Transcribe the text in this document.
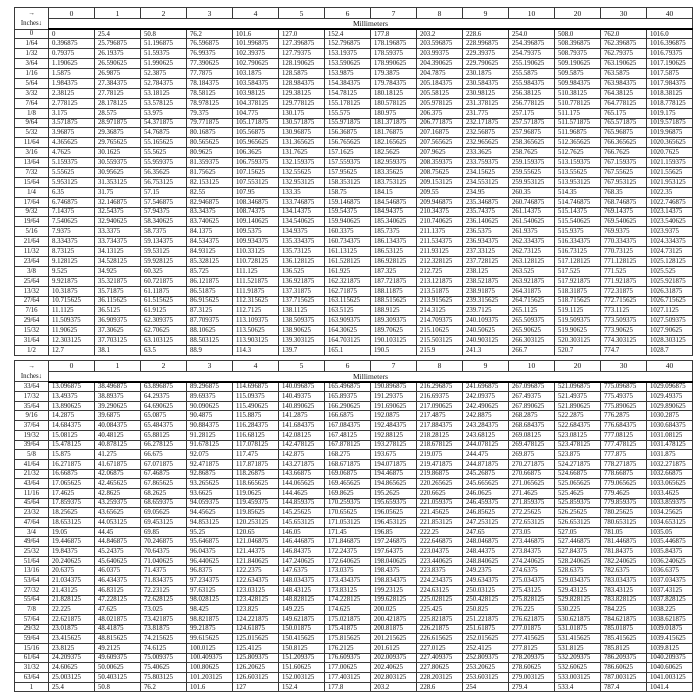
→
Inches↓	0	1	2	3	4	5	6	7	8	9	10	20	30	40
	Millimeters													
0	0	25.4	50.8	76.2	101.6	127.0	152.4	177.8	203.2	228.6	254.0	508.0	762.0	1016.0
1/64	0.396875	25.796875	51.196875	76.596875	101.996875	127.396875	152.796875	178.196875	203.596875	228.996875	254.396875	508.396875	762.396875	1016.396875
1/32	0.79375	26.19375	51.59375	76.99375	102.39375	127.79375	153.19375	178.59375	203.99375	229.39375	254.79375	508.79375	762.79375	1016.79375
3/64	1.190625	26.590625	51.990625	77.390625	102.790625	128.190625	153.590625	178.990625	204.390625	229.790625	255.190625	509.190625	763.190625	1017.190625
1/16	1.5875	26.9875	52.3875	77.7875	103.1875	128.5875	153.9875	179.3875	204.7875	230.1875	255.5875	509.5875	763.5875	1017.5875
5/64	1.984375	27.384375	52.784375	78.184375	103.584375	128.984375	154.384375	179.784375	205.184375	230.584375	255.984375	509.984375	763.984375	1017.984375
3/32	2.38125	27.78125	53.18125	78.58125	103.98125	129.38125	154.78125	180.18125	205.58125	230.98125	256.38125	510.38125	764.38125	1018.38125
7/64	2.778125	28.178125	53.578125	78.978125	104.378125	129.778125	155.178125	180.578125	205.978125	231.378125	256.778125	510.778125	764.778125	1018.778125
1/8	3.175	28.575	53.975	79.375	104.775	130.175	155.575	180.975	206.375	231.775	257.175	511.175	765.175	1019.175
9/64	3.571875	28.971875	54.371875	79.771875	105.171875	130.571875	155.971875	181.371875	206.771875	232.171875	257.571875	511.571875	765.571875	1019.571875
5/32	3.96875	29.36875	54.76875	80.16875	105.56875	130.96875	156.36875	181.76875	207.16875	232.56875	257.96875	511.96875	765.96875	1019.96875
11/64	4.365625	29.765625	55.165625	80.565625	105.965625	131.365625	156.765625	182.165625	207.565625	232.965625	258.365625	512.365625	766.365625	1020.365625
3/16	4.7625	30.1625	55.5625	80.9625	106.3625	131.7625	157.1625	182.5625	207.9625	233.3625	258.7625	512.7625	766.7625	1020.7625
13/64	5.159375	30.559375	55.959375	81.359375	106.759375	132.159375	157.559375	182.959375	208.359375	233.759375	259.159375	513.159375	767.159375	1021.159375
7/32	5.55625	30.95625	56.35625	81.75625	107.15625	132.55625	157.95625	183.35625	208.75625	234.15625	259.55625	513.55625	767.55625	1021.55625
15/64	5.953125	31.353125	56.753125	82.153125	107.553125	132.953125	158.353125	183.753125	209.153125	234.553125	259.953125	513.953125	767.953125	1021.953125
1/4	6.35	31.75	57.15	82.55	107.95	133.35	158.75	184.15	209.55	234.95	260.35	514.35	768.35	1022.35
17/64	6.746875	32.146875	57.546875	82.946875	108.346875	133.746875	159.146875	184.546875	209.946875	235.346875	260.746875	514.746875	768.746875	1022.746875
9/32	7.14375	32.54375	57.94375	83.34375	108.74375	134.14375	159.54375	184.94375	210.34375	235.74375	261.14375	515.14375	769.14375	1023.14375
19/64	7.540625	32.940625	58.340625	83.740625	109.140625	134.540625	159.940625	185.340625	210.740625	236.140625	261.540625	515.540625	769.540625	1023.540625
5/16	7.9375	33.3375	58.7375	84.1375	109.5375	134.9375	160.3375	185.7375	211.1375	236.5375	261.9375	515.9375	769.9375	1023.9375
21/64	8.334375	33.734375	59.134375	84.534375	109.934375	135.334375	160.734375	186.134375	211.534375	236.934375	262.334375	516.334375	770.334375	1024.334375
11/32	8.73125	34.13125	59.53125	84.93125	110.33125	135.73125	161.13125	186.53125	211.93125	237.33125	262.73125	516.73125	770.73125	1024.73125
23/64	9.128125	34.528125	59.928125	85.328125	110.728125	136.128125	161.528125	186.928125	212.328125	237.728125	263.128125	517.128125	771.128125	1025.128125
3/8	9.525	34.925	60.325	85.725	111.125	136.525	161.925	187.325	212.725	238.125	263.525	517.525	771.525	1025.525
25/64	9.921875	35.321875	60.721875	86.121875	111.521875	136.921875	162.321875	187.721875	213.121875	238.521875	263.921875	517.921875	771.921875	1025.921875
13/32	10.31875	35.71875	61.11875	86.51875	111.91875	137.31875	162.71875	188.11875	213.51875	238.91875	264.31875	518.31875	772.31875	1026.31875
27/64	10.715625	36.115625	61.515625	86.915625	112.315625	137.715625	163.115625	188.515625	213.915625	239.315625	264.715625	518.715625	772.715625	1026.715625
7/16	11.1125	36.5125	61.9125	87.3125	112.7125	138.1125	163.5125	188.9125	214.3125	239.7125	265.1125	519.1125	773.1125	1027.1125
29/64	11.509375	36.909375	62.309375	87.709375	113.109375	138.509375	163.909375	189.309375	214.709375	240.109375	265.509375	519.509375	773.509375	1027.509375
15/32	11.90625	37.30625	62.70625	88.10625	113.50625	138.90625	164.30625	189.70625	215.10625	240.50625	265.90625	519.90625	773.90625	1027.90625
31/64	12.303125	37.703125	63.103125	88.503125	113.903125	139.303125	164.703125	190.103125	215.503125	240.903125	266.303125	520.303125	774.303125	1028.303125
1/2	12.7	38.1	63.5	88.9	114.3	139.7	165.1	190.5	215.9	241.3	266.7	520.7	774.7	1028.7
→
Inches↓	0	1	2	3	4	5	6	7	8	9	10	20	30	40
	Millimeters													
33/64	13.096875	38.496875	63.896875	89.296875	114.696875	140.096875	165.496875	190.896875	216.296875	241.696875	267.096875	521.096875	775.096875	1029.096875
17/32	13.49375	38.89375	64.29375	89.69375	115.09375	140.49375	165.89375	191.29375	216.69375	242.09375	267.49375	521.49375	775.49375	1029.49375
35/64	13.890625	39.290625	64.690625	90.090625	115.490625	140.890625	166.290625	191.690625	217.090625	242.490625	267.890625	521.890625	775.890625	1029.890625
9/16	14.2875	39.6875	65.0875	90.4875	115.8875	141.2875	166.6875	192.0875	217.4875	242.8875	268.2875	522.2875	776.2875	1030.2875
37/64	14.684375	40.084375	65.484375	90.884375	116.284375	141.684375	167.084375	192.484375	217.884375	243.284375	268.684375	522.684375	776.684375	1030.684375
19/32	15.08125	40.48125	65.88125	91.28125	116.68125	142.08125	167.48125	192.88125	218.28125	243.68125	269.08125	523.08125	777.08125	1031.08125
39/64	15.478125	40.878125	66.278125	91.678125	117.078125	142.478125	167.878125	193.278125	218.678125	244.078125	269.478125	523.478125	777.478125	1031.478125
5/8	15.875	41.275	66.675	92.075	117.475	142.875	168.275	193.675	219.075	244.475	269.875	523.875	777.875	1031.875
41/64	16.271875	41.671875	67.071875	92.471875	117.871875	143.271875	168.671875	194.071875	219.471875	244.871875	270.271875	524.271875	778.271875	1032.271875
21/32	16.66875	42.06875	67.46875	92.86875	118.26875	143.66875	169.06875	194.46875	219.86875	245.26875	270.66875	524.66875	778.66875	1032.66875
43/64	17.065625	42.465625	67.865625	93.265625	118.665625	144.065625	169.465625	194.865625	220.265625	245.665625	271.065625	525.065625	779.065625	1033.065625
11/16	17.4625	42.8625	68.2625	93.6625	119.0625	144.4625	169.8625	195.2625	220.6625	246.0625	271.4625	525.4625	779.4625	1033.4625
45/64	17.859375	43.259375	68.659375	94.059375	119.459375	144.859375	170.259375	195.659375	221.059375	246.459375	271.859375	525.859375	779.859375	1033.859375
23/32	18.25625	43.65625	69.05625	94.45625	119.85625	145.25625	170.65625	196.05625	221.45625	246.85625	272.25625	526.25625	780.25625	1034.25625
47/64	18.653125	44.053125	69.453125	94.853125	120.253125	145.653125	171.053125	196.453125	221.853125	247.253125	272.653125	526.653125	780.653125	1034.653125
3/4	19.05	44.45	69.85	95.25	120.65	146.05	171.45	196.85	222.25	247.65	273.05	527.05	781.05	1035.05
49/64	19.446875	44.846875	70.246875	95.646875	121.046875	146.446875	171.846875	197.246875	222.646875	248.046875	273.446875	527.446875	781.446875	1035.446875
25/32	19.84375	45.24375	70.64375	96.04375	121.44375	146.84375	172.24375	197.64375	223.04375	248.44375	273.84375	527.84375	781.84375	1035.84375
51/64	20.240625	45.640625	71.040625	96.440625	121.840625	147.240625	172.640625	198.040625	223.440625	248.840625	274.240625	528.240625	782.240625	1036.240625
13/16	20.6375	46.0375	71.4375	96.8375	122.2375	147.6375	173.0375	198.4375	223.8375	249.2375	274.6375	528.6375	782.6375	1036.6375
53/64	21.034375	46.434375	71.834375	97.234375	122.634375	148.034375	173.434375	198.834375	224.234375	249.634375	275.034375	529.034375	783.034375	1037.034375
27/32	21.43125	46.83125	72.23125	97.63125	123.03125	148.43125	173.83125	199.23125	224.63125	250.03125	275.43125	529.43125	783.43125	1037.43125
55/64	21.828125	47.228125	72.628125	98.028125	123.428125	148.828125	174.228125	199.628125	225.028125	250.428125	275.828125	529.828125	783.828125	1037.828125
7/8	22.225	47.625	73.025	98.425	123.825	149.225	174.625	200.025	225.425	250.825	276.225	530.225	784.225	1038.225
57/64	22.621875	48.021875	73.421875	98.821875	124.221875	149.621875	175.021875	200.421875	225.821875	251.221875	276.621875	530.621875	784.621875	1038.621875
29/32	23.01875	48.41875	73.81875	99.21875	124.61875	150.01875	175.41875	200.81875	226.21875	251.61875	277.01875	531.01875	785.01875	1039.01875
59/64	23.415625	48.815625	74.215625	99.615625	125.015625	150.415625	175.815625	201.215625	226.615625	252.015625	277.415625	531.415625	785.415625	1039.415625
15/16	23.8125	49.2125	74.6125	100.0125	125.4125	150.8125	176.2125	201.6125	227.0125	252.4125	277.8125	531.8125	785.8125	1039.8125
61/64	24.209375	49.609375	75.009375	100.409375	125.809375	151.209375	176.609375	202.009375	227.409375	252.809375	278.209375	532.209375	786.209375	1040.209375
31/32	24.60625	50.00625	75.40625	100.80625	126.20625	151.60625	177.00625	202.40625	227.80625	253.20625	278.60625	532.60625	786.60625	1040.60625
63/64	25.003125	50.403125	75.803125	101.203125	126.603125	152.003125	177.403125	202.803125	228.203125	253.603125	279.003125	533.003125	787.003125	1041.003125
1	25.4	50.8	76.2	101.6	127	152.4	177.8	203.2	228.6	254	279.4	533.4	787.4	1041.4
